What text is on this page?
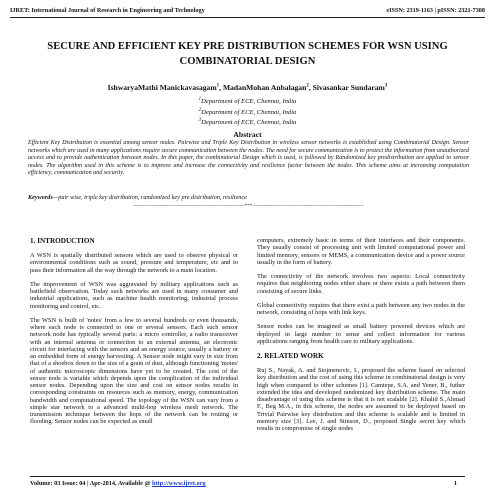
IJRET: International Journal of Research in Engineering and Technology	eISSN: 2319-1163 | pISSN: 2321-7308
SECURE AND EFFICIENT KEY PRE DISTRIBUTION SCHEMES FOR WSN USING COMBINATORIAL DESIGN
IshwaryaMathi Manickavasagam$^1$, MadanMohan Anbalagan$^2$, Sivasankar Sundaram$^3$
$^1$Department of ECE, Chennai, India
$^2$Department of ECE, Chennai, India
$^3$Department of ECE, Chennai, India
Abstract
Efficient Key Distribution is essential among sensor nodes. Pairwise and Triple Key Distribution in wireless sensor networks is established using Combinatorial Design. Sensor networks which are used in many applications require secure communication between the nodes. The need for secure communication is to protect the information from unauthorized access and to provide authentication between nodes. In this paper, the combinatorial Design which is used, is followed by Randomized key predistribution are applied to sensor nodes. The algorithm used in this scheme is to improve and increase the connectivity and resilience factor between the nodes. This scheme aims at increasing computation efficiency, communication and security.
Keywords—pair wise, triple key distribution, randomized key pre distribution, resilience
-------------------------------------------------------------------***-------------------------------------------------------------------
1. INTRODUCTION

A WSN is spatially distributed sensors which are used to observe physical or environmental conditions such as sound, pressure and temperature, etc and to pass their information all the way through the network to a main location.

The improvement of WSN was aggravated by military applications such as battlefield observation. Today such networks are used in many consumer and industrial applications, such as machine health monitoring, industrial process monitoring and control, etc.

The WSN is built of 'notes' from a few to several hundreds or even thousands, where each node is connected to one or several sensors. Each such sensor network node has typically several parts: a micro controller, a radio transceiver with an internal antenna or connection to an external antenna, an electronic circuit for interfacing with the sensors and an energy source, usually a battery or an embedded form of energy harvesting. A Sensor node might vary in size from that of a shoebox down to the size of a grain of dust, although functioning 'motes' of authentic microscopic dimensions have yet to be created. The cost of the sensor node is variable which depends upon the complication of the individual sensor nodes. Depending upon the size and cost on sensor nodes results in corresponding constraints on resources such as memory, energy, communication bandwidth and computational speed. The topology of the WSN can vary from a simple star network to a advanced multi-hop wireless mesh network. The transmission technique between the hops of the network can be routing or flooding. Sensor nodes can be expected as small

computers, extremely basic in terms of their interfaces and their components. They usually consist of processing unit with limited computational power and limited memory, sensors or MEMS, a communication device and a power source usually in the form of battery.

The connectivity of the network involves two aspects: Local connectivity requires that neighboring nodes either share or there exists a path between them consisting of secure links.

Global connectivity requires that there exist a path between any two nodes in the network, consisting of hops with link keys.

Sensor nodes can be imagined as small battery powered devices which are deployed in large number to sense and collect information for various applications ranging from health care to military applications.

2. RELATED WORK

Ruj S., Nayak, A. and Stojmenovic, I., proposed the scheme based on selected key distribution and the cost of using this scheme in combinatorial design is very high when compared to other schemes [1]. Camtepe, S.A. and Yener, B., futher extended the idea and developed randomized key distribution scheme. The main disadvantage of using this scheme is that it is not scalable [2]. Khalid S.,Ahmad F., Beg M.A., in this scheme, the nodes are assumed to be deployed based on Trivial Pairwise key distribution and this scheme is scalable and is limited in memory size [3]. Lee, J. and Stinson, D., proposed Single secret key which results in compromise of single nodes

Volume: 03 Issue: 04 | Apr-2014, Available @ http://www.ijret.org	1
